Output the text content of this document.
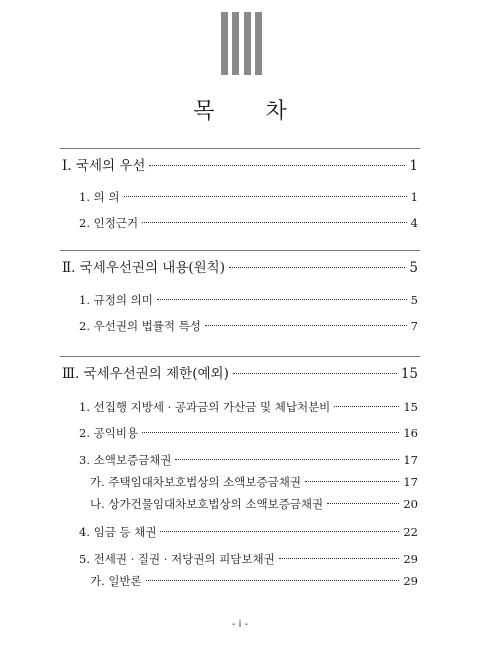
목 차
Ⅰ. 국세의 우선	1
1. 의 의	1
2. 인정근거	4
Ⅱ. 국세우선권의 내용(원칙)	5
1. 규정의 의미	5
2. 우선권의 법률적 특성	7
Ⅲ. 국세우선권의 제한(예외)	15
1. 선집행 지방세 · 공과금의 가산금 및 체납처분비	15
2. 공익비용	16
3. 소액보증금채권	17
가. 주택임대차보호법상의 소액보증금채권	17
나. 상가건물임대차보호법상의 소액보증금채권	20
4. 임금 등 채권	22
5. 전세권 · 질권 · 저당권의 피담보채권	29
가. 일반론	29
- i -
